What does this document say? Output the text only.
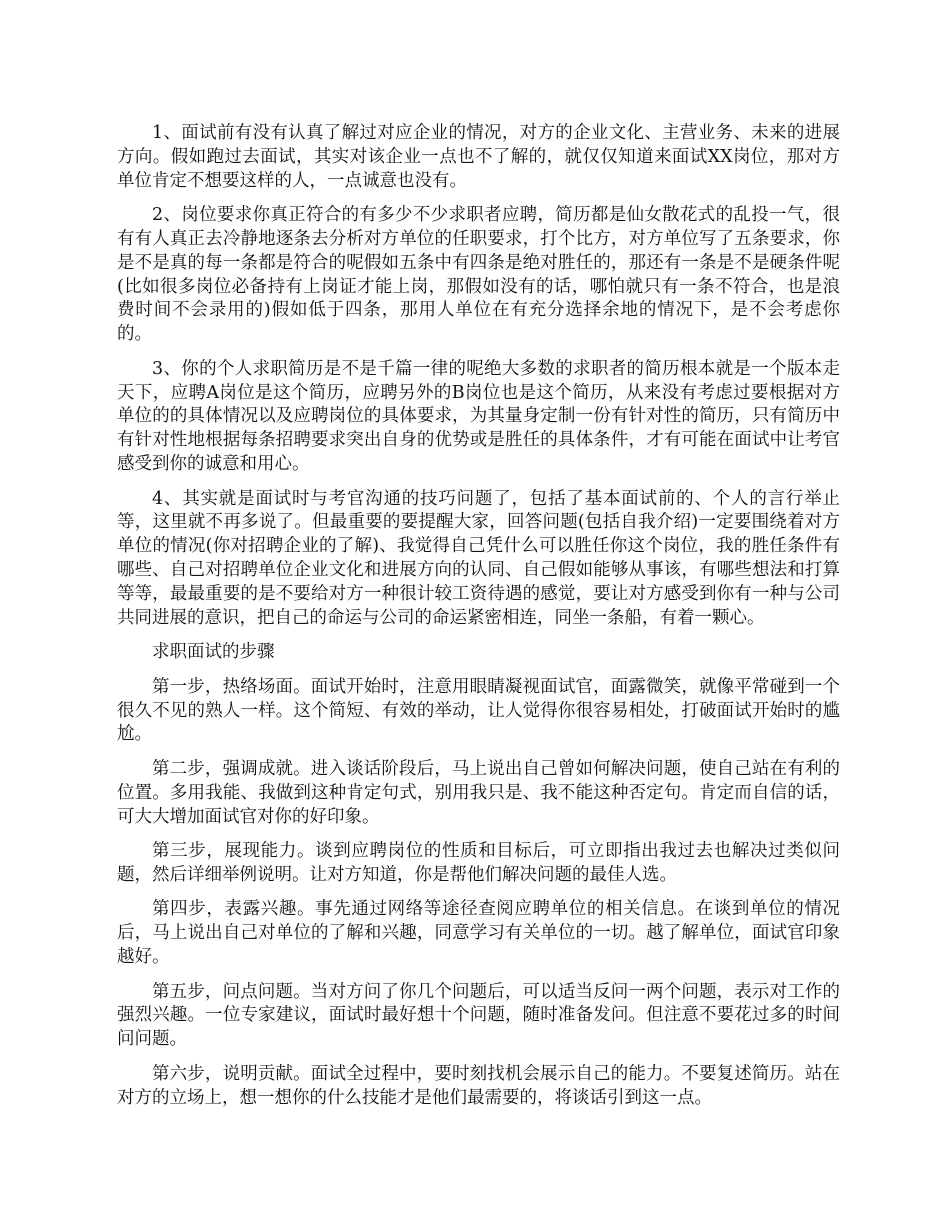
1、面试前有没有认真了解过对应企业的情况，对方的企业文化、主营业务、未来的进展方向。假如跑过去面试，其实对该企业一点也不了解的，就仅仅知道来面试XX岗位，那对方单位肯定不想要这样的人，一点诚意也没有。

2、岗位要求你真正符合的有多少不少求职者应聘，简历都是仙女散花式的乱投一气，很有有人真正去冷静地逐条去分析对方单位的任职要求，打个比方，对方单位写了五条要求，你是不是真的每一条都是符合的呢假如五条中有四条是绝对胜任的，那还有一条是不是硬条件呢(比如很多岗位必备持有上岗证才能上岗，那假如没有的话，哪怕就只有一条不符合，也是浪费时间不会录用的)假如低于四条，那用人单位在有充分选择余地的情况下，是不会考虑你的。

3、你的个人求职简历是不是千篇一律的呢绝大多数的求职者的简历根本就是一个版本走天下，应聘A岗位是这个简历，应聘另外的B岗位也是这个简历，从来没有考虑过要根据对方单位的的具体情况以及应聘岗位的具体要求，为其量身定制一份有针对性的简历，只有简历中有针对性地根据每条招聘要求突出自身的优势或是胜任的具体条件，才有可能在面试中让考官感受到你的诚意和用心。

4、其实就是面试时与考官沟通的技巧问题了，包括了基本面试前的、个人的言行举止等，这里就不再多说了。但最重要的要提醒大家，回答问题(包括自我介绍)一定要围绕着对方单位的情况(你对招聘企业的了解)、我觉得自己凭什么可以胜任你这个岗位，我的胜任条件有哪些、自己对招聘单位企业文化和进展方向的认同、自己假如能够从事该，有哪些想法和打算等等，最最重要的是不要给对方一种很计较工资待遇的感觉，要让对方感受到你有一种与公司共同进展的意识，把自己的命运与公司的命运紧密相连，同坐一条船，有着一颗心。

求职面试的步骤

第一步，热络场面。面试开始时，注意用眼睛凝视面试官，面露微笑，就像平常碰到一个很久不见的熟人一样。这个简短、有效的举动，让人觉得你很容易相处，打破面试开始时的尴尬。

第二步，强调成就。进入谈话阶段后，马上说出自己曾如何解决问题，使自己站在有利的位置。多用我能、我做到这种肯定句式，别用我只是、我不能这种否定句。肯定而自信的话，可大大增加面试官对你的好印象。

第三步，展现能力。谈到应聘岗位的性质和目标后，可立即指出我过去也解决过类似问题，然后详细举例说明。让对方知道，你是帮他们解决问题的最佳人选。

第四步，表露兴趣。事先通过网络等途径查阅应聘单位的相关信息。在谈到单位的情况后，马上说出自己对单位的了解和兴趣，同意学习有关单位的一切。越了解单位，面试官印象越好。

第五步，问点问题。当对方问了你几个问题后，可以适当反问一两个问题，表示对工作的强烈兴趣。一位专家建议，面试时最好想十个问题，随时准备发问。但注意不要花过多的时间问问题。

第六步，说明贡献。面试全过程中，要时刻找机会展示自己的能力。不要复述简历。站在对方的立场上，想一想你的什么技能才是他们最需要的，将谈话引到这一点。
